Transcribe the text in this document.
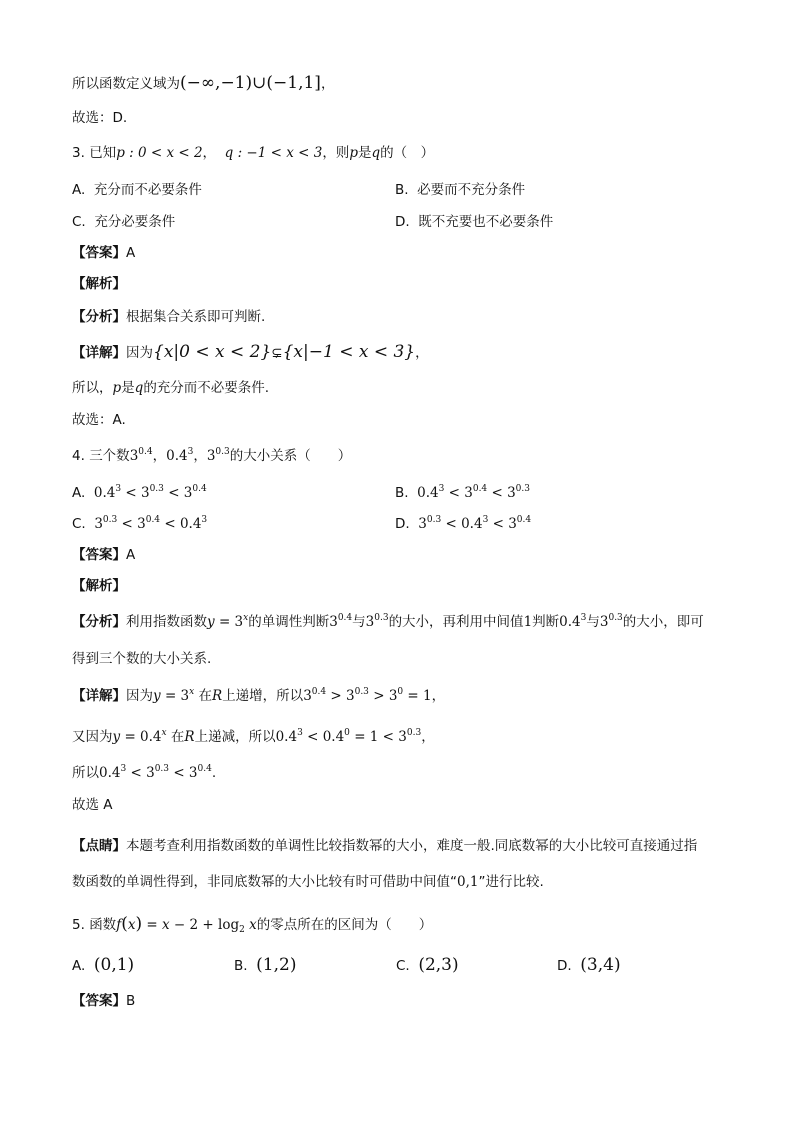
所以函数定义域为(−∞,−1)∪(−1,1]，
故选：D.
3. 已知p : 0 < x < 2， q : −1 < x < 3，则p是q的（　）
A. 充分而不必要条件	B. 必要而不充分条件
C. 充分必要条件	D. 既不充要也不必要条件
【答案】A
【解析】
【分析】根据集合关系即可判断.
【详解】因为{x|0 < x < 2}⊊{x|−1 < x < 3}，
所以，p是q的充分而不必要条件.
故选：A.
4. 三个数$3^{0.4}$，$0.4^3$，$3^{0.3}$的大小关系（　　）
A.  $0.4^3 < 3^{0.3} < 3^{0.4}$	B.  $0.4^3 < 3^{0.4} < 3^{0.3}$
C.  $3^{0.3} < 3^{0.4} < 0.4^3$	D.  $3^{0.3} < 0.4^3 < 3^{0.4}$
【答案】A
【解析】
【分析】利用指数函数$y = 3^x$的单调性判断$3^{0.4}$与$3^{0.3}$的大小，再利用中间值1判断$0.4^3$与$3^{0.3}$的大小，即可
得到三个数的大小关系.
【详解】因为$y = 3^x$ 在R上递增，所以$3^{0.4} > 3^{0.3} > 3^0 = 1$，
又因为$y = 0.4^x$ 在R上递减，所以$0.4^3 < 0.4^0 = 1 < 3^{0.3}$，
所以$0.4^3 < 3^{0.3} < 3^{0.4}$.
故选 A
【点睛】本题考查利用指数函数的单调性比较指数幂的大小，难度一般.同底数幂的大小比较可直接通过指
数函数的单调性得到，非同底数幂的大小比较有时可借助中间值“0,1”进行比较.
5. 函数$f(x) = x - 2 + \log_2 x$的零点所在的区间为（　　）
A. (0,1)	B. (1,2)	C. (2,3)	D. (3,4)
【答案】B
